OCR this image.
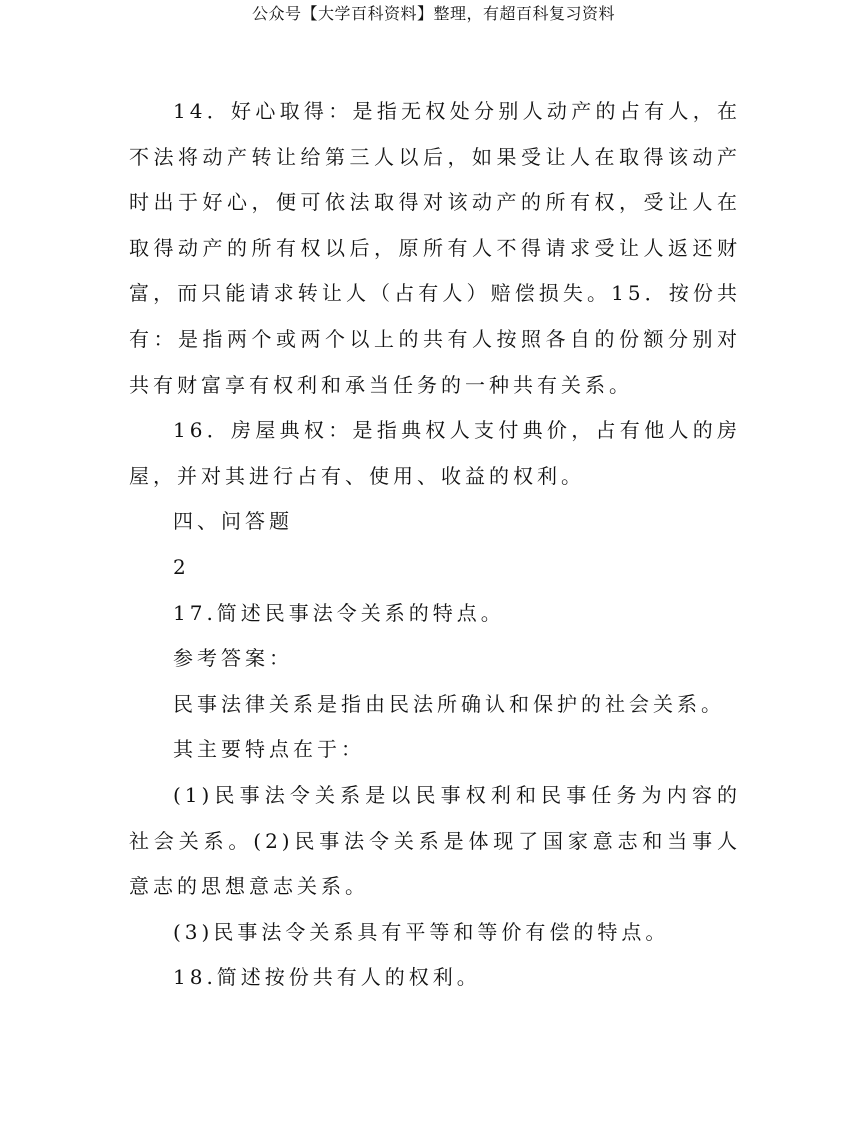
公众号【大学百科资料】整理，有超百科复习资料

14．好心取得：是指无权处分别人动产的占有人，在不法将动产转让给第三人以后，如果受让人在取得该动产时出于好心，便可依法取得对该动产的所有权，受让人在取得动产的所有权以后，原所有人不得请求受让人返还财富，而只能请求转让人（占有人）赔偿损失。15．按份共有：是指两个或两个以上的共有人按照各自的份额分别对共有财富享有权利和承当任务的一种共有关系。

16．房屋典权：是指典权人支付典价，占有他人的房屋，并对其进行占有、使用、收益的权利。

四、问答题

2

17.简述民事法令关系的特点。

参考答案：

民事法律关系是指由民法所确认和保护的社会关系。

其主要特点在于：

(1)民事法令关系是以民事权利和民事任务为内容的社会关系。(2)民事法令关系是体现了国家意志和当事人意志的思想意志关系。

(3)民事法令关系具有平等和等价有偿的特点。

18.简述按份共有人的权利。
